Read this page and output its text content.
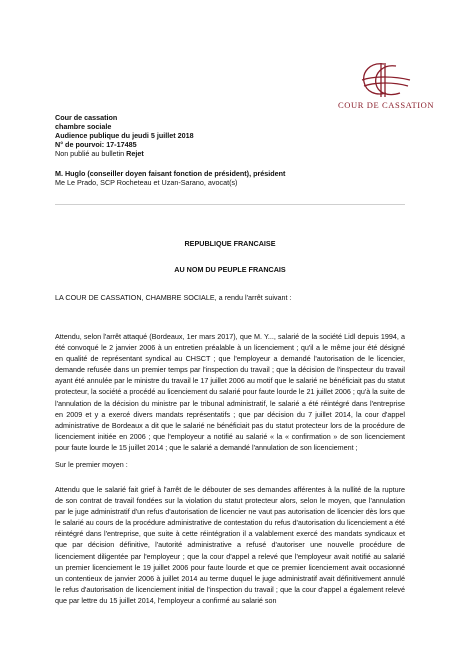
COUR DE CASSATION
Cour de cassation
chambre sociale
Audience publique du jeudi 5 juillet 2018
N° de pourvoi: 17-17485
Non publié au bulletin Rejet
M. Huglo (conseiller doyen faisant fonction de président), président
Me Le Prado, SCP Rocheteau et Uzan-Sarano, avocat(s)
REPUBLIQUE FRANCAISE
AU NOM DU PEUPLE FRANCAIS
LA COUR DE CASSATION, CHAMBRE SOCIALE, a rendu l'arrêt suivant :
Attendu, selon l'arrêt attaqué (Bordeaux, 1er mars 2017), que M. Y..., salarié de la société Lidl depuis 1994, a été convoqué le 2 janvier 2006 à un entretien préalable à un licenciement ; qu'il a le même jour été désigné en qualité de représentant syndical au CHSCT ; que l'employeur a demandé l'autorisation de le licencier, demande refusée dans un premier temps par l'inspection du travail ; que la décision de l'inspecteur du travail ayant été annulée par le ministre du travail le 17 juillet 2006 au motif que le salarié ne bénéficiait pas du statut protecteur, la société a procédé au licenciement du salarié pour faute lourde le 21 juillet 2006 ; qu'à la suite de l'annulation de la décision du ministre par le tribunal administratif, le salarié a été réintégré dans l'entreprise en 2009 et y a exercé divers mandats représentatifs ; que par décision du 7 juillet 2014, la cour d'appel administrative de Bordeaux a dit que le salarié ne bénéficiait pas du statut protecteur lors de la procédure de licenciement initiée en 2006 ; que l'employeur a notifié au salarié « la « confirmation » de son licenciement pour faute lourde le 15 juillet 2014 ; que le salarié a demandé l'annulation de son licenciement ;
Sur le premier moyen :
Attendu que le salarié fait grief à l'arrêt de le débouter de ses demandes afférentes à la nullité de la rupture de son contrat de travail fondées sur la violation du statut protecteur alors, selon le moyen, que l'annulation par le juge administratif d'un refus d'autorisation de licencier ne vaut pas autorisation de licencier dès lors que le salarié au cours de la procédure administrative de contestation du refus d'autorisation du licenciement a été réintégré dans l'entreprise, que suite à cette réintégration il a valablement exercé des mandats syndicaux et que par décision définitive, l'autorité administrative a refusé d'autoriser une nouvelle procédure de licenciement diligentée par l'employeur ; que la cour d'appel a relevé que l'employeur avait notifié au salarié un premier licenciement le 19 juillet 2006 pour faute lourde et que ce premier licenciement avait occasionné un contentieux de janvier 2006 à juillet 2014 au terme duquel le juge administratif avait définitivement annulé le refus d'autorisation de licenciement initial de l'inspection du travail ; que la cour d'appel a également relevé que par lettre du 15 juillet 2014, l'employeur a confirmé au salarié son
